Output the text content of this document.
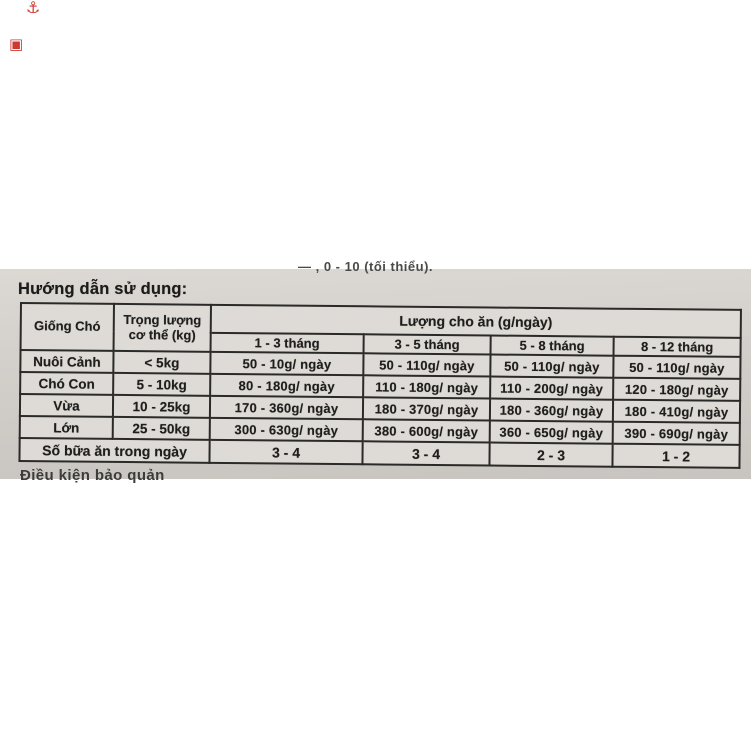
⚓
▣
— , 0 - 10 (tối thiểu).
Hướng dẫn sử dụng:
Giống Chó	Trọng lượng cơ thể (kg)	Lượng cho ăn (g/ngày)			
		1 - 3 tháng	3 - 5 tháng	5 - 8 tháng	8 - 12 tháng
Nuôi Cảnh	< 5kg	50 - 10g/ ngày	50 - 110g/ ngày	50 - 110g/ ngày	50 - 110g/ ngày
Chó Con	5 - 10kg	80 - 180g/ ngày	110 - 180g/ ngày	110 - 200g/ ngày	120 - 180g/ ngày
Vừa	10 - 25kg	170 - 360g/ ngày	180 - 370g/ ngày	180 - 360g/ ngày	180 - 410g/ ngày
Lớn	25 - 50kg	300 - 630g/ ngày	380 - 600g/ ngày	360 - 650g/ ngày	390 - 690g/ ngày
Số bữa ăn trong ngày		3 - 4	3 - 4	2 - 3	1 - 2
Điều kiện bảo quản
